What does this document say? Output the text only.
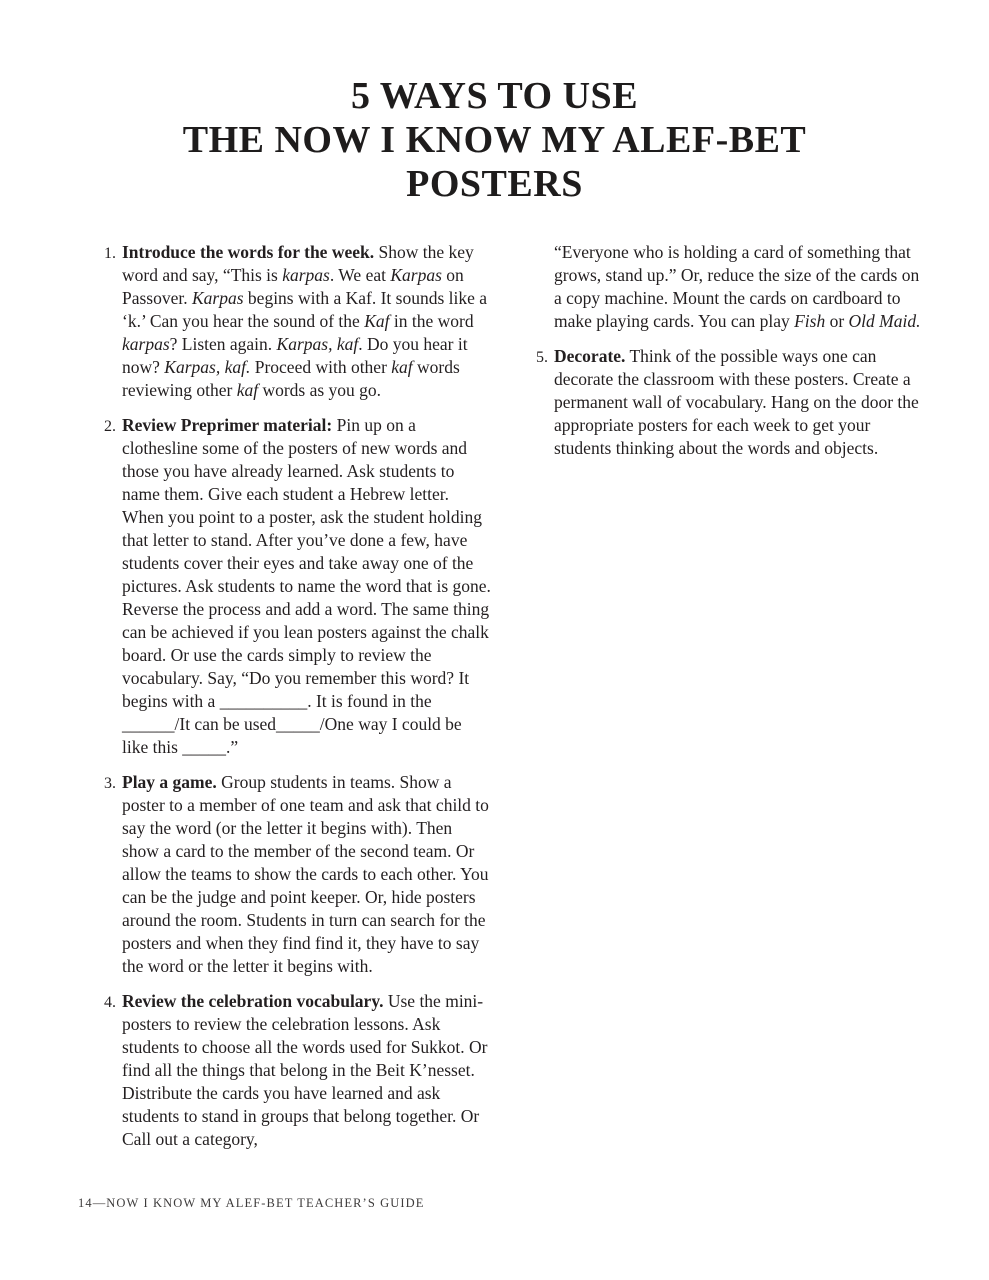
5 WAYS TO USE
THE NOW I KNOW MY ALEF-BET
POSTERS
1. Introduce the words for the week. Show the key word and say, “This is karpas. We eat Karpas on Passover. Karpas begins with a Kaf. It sounds like a ‘k.’ Can you hear the sound of the Kaf in the word karpas? Listen again. Karpas, kaf. Do you hear it now? Karpas, kaf. Proceed with other kaf words reviewing other kaf words as you go.
2. Review Preprimer material: Pin up on a clothesline some of the posters of new words and those you have already learned. Ask students to name them. Give each student a Hebrew letter. When you point to a poster, ask the student holding that letter to stand. After you’ve done a few, have students cover their eyes and take away one of the pictures. Ask students to name the word that is gone. Reverse the process and add a word. The same thing can be achieved if you lean posters against the chalk board. Or use the cards simply to review the vocabulary. Say, “Do you remember this word? It begins with a __________. It is found in the ______/It can be used_____/One way I could be like this _____.”
3. Play a game. Group students in teams. Show a poster to a member of one team and ask that child to say the word (or the letter it begins with). Then show a card to the member of the second team. Or allow the teams to show the cards to each other. You can be the judge and point keeper. Or, hide posters around the room. Students in turn can search for the posters and when they find find it, they have to say the word or the letter it begins with.
4. Review the celebration vocabulary. Use the mini-posters to review the celebration lessons. Ask students to choose all the words used for Sukkot. Or find all the things that belong in the Beit K’nesset. Distribute the cards you have learned and ask students to stand in groups that belong together. Or Call out a category,
“Everyone who is holding a card of something that grows, stand up.” Or, reduce the size of the cards on a copy machine. Mount the cards on cardboard to make playing cards. You can play Fish or Old Maid.
5. Decorate. Think of the possible ways one can decorate the classroom with these posters. Create a permanent wall of vocabulary. Hang on the door the appropriate posters for each week to get your students thinking about the words and objects.
14—NOW I KNOW MY ALEF-BET TEACHER’S GUIDE
